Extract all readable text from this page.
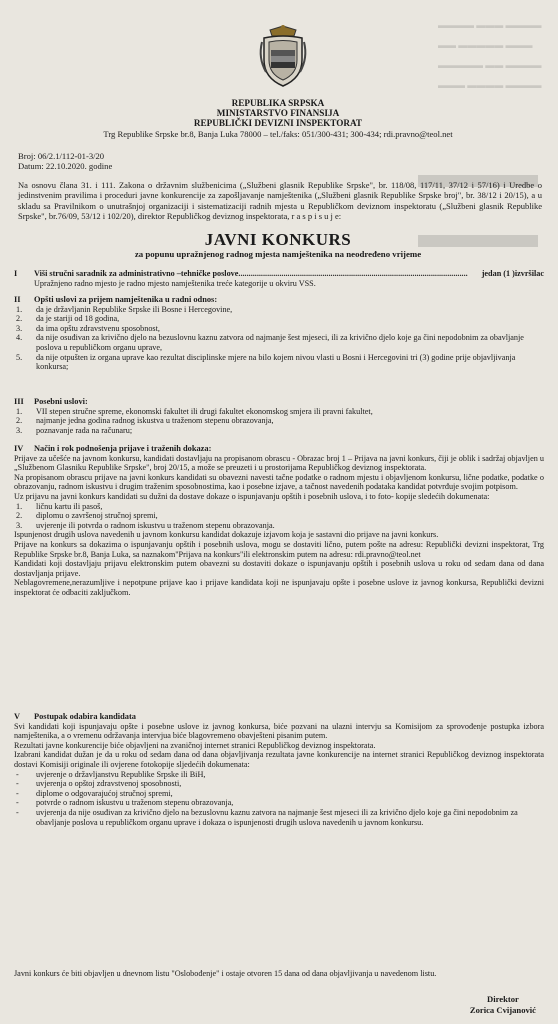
▬▬▬▬ ▬▬▬ ▬▬▬▬
▬▬ ▬▬▬▬▬ ▬▬▬
▬▬▬▬▬ ▬▬ ▬▬▬▬
▬▬▬ ▬▬▬▬ ▬▬▬▬
▬▬▬
▬▬▬
REPUBLIKA SRPSKA
MINISTARSTVO FINANSIJA
REPUBLIČKI DEVIZNI INSPEKTORAT
Trg Republike Srpske br.8, Banja Luka 78000 – tel./faks: 051/300-431; 300-434; rdi.pravno@teol.net
Broj: 06/2.1/112-01-3/20
Datum: 22.10.2020. godine
Na osnovu člana 31. i 111. Zakona o državnim službenicima („Službeni glasnik Republike Srpske", br. 118/08, 117/11, 37/12 i 57/16) i Uredbe o jedinstvenim pravilima i proceduri javne konkurencije za zapošljavanje namještenika („Službeni glasnik Republike Srpske broj", br. 38/12 i 20/15), a u skladu sa Pravilnikom o unutrašnjoj organizaciji i sistematizaciji radnih mjesta u Republičkom deviznom inspektoratu („Službeni glasnik Republike Srpske", br.76/09, 53/12 i 102/20), direktor Republičkog deviznog inspektorata, r a s p i s u j e:
JAVNI KONKURS
za popunu upražnjenog radnog mjesta namještenika na neodređeno vrijeme
I	Viši stručni saradnik za administrativno –tehničke poslove ................................................................................................................	jedan (1 )izvršilac

Upražnjeno radno mjesto je radno mjesto namještenika treće kategorije u okviru VSS.

II	Opšti uslovi za prijem namještenika u radni odnos:
1.	da je državljanin Republike Srpske ili Bosne i Hercegovine,
2.	da je stariji od 18 godina,
3.	da ima opštu zdravstvenu sposobnost,
4.	da nije osuđivan za krivično djelo na bezuslovnu kaznu zatvora od najmanje šest mjeseci, ili za krivično djelo koje ga čini nepodobnim za obavljanje poslova u republičkom organu uprave,
5.	da nije otpušten iz organa uprave kao rezultat disciplinske mjere na bilo kojem nivou vlasti u Bosni i Hercegovini tri (3) godine prije objavljivanja konkursa;
III	Posebni uslovi:
1.	VII stepen stručne spreme, ekonomski fakultet ili drugi fakultet ekonomskog smjera ili pravni fakultet,
2.	najmanje jedna godina radnog iskustva u traženom stepenu obrazovanja,
3.	poznavanje rada na računaru;
IV	Način i rok podnošenja prijave i traženih dokaza:

Prijave za učešće na javnom konkursu, kandidati dostavljaju na propisanom obrascu - Obrazac broj 1 – Prijava na javni konkurs, čiji je oblik i sadržaj objavljen u „Službenom Glasniku Republike Srpske", broj 20/15, a može se preuzeti i u prostorijama Republičkog deviznog inspektorata.

Na propisanom obrascu prijave na javni konkurs kandidati su obavezni navesti tačne podatke o radnom mjestu i objavljenom konkursu, lične podatke, podatke o obrazovanju, radnom iskustvu i drugim traženim sposobnostima, kao i posebne izjave, a tačnost navedenih podataka kandidat potvrđuje svojim potpisom.

Uz prijavu na javni konkurs kandidati su dužni da dostave dokaze o ispunjavanju opštih i posebnih uslova, i to foto- kopije sledećih dokumenata:

1.	ličnu kartu ili pasoš,
2.	diplomu o završenoj stručnoj spremi,
3.	uvjerenje ili potvrda o radnom iskustvu u traženom stepenu obrazovanja.

Ispunjenost drugih uslova navedenih u javnom konkursu kandidat dokazuje izjavom koja je sastavni dio prijave na javni konkurs.

Prijave na konkurs sa dokazima o ispunjavanju opštih i posebnih uslova, mogu se dostaviti lično, putem pošte na adresu: Republički devizni inspektorat, Trg Republike Srpske br.8, Banja Luka, sa naznakom"Prijava na konkurs"ili elektronskim putem na adresu: rdi.pravno@teol.net

Kandidati koji dostavljaju prijavu elektronskim putem obavezni su dostaviti dokaze o ispunjavanju opštih i posebnih uslova u roku od sedam dana od dana dostavljanja prijave.

Neblagovremene,nerazumljive i nepotpune prijave kao i prijave kandidata koji ne ispunjavaju opšte i posebne uslove iz javnog konkursa, Republički devizni inspektorat će odbaciti zaključkom.

V	Postupak odabira kandidata

Svi kandidati koji ispunjavaju opšte i posebne uslove iz javnog konkursa, biće pozvani na ulazni intervju sa Komisijom za sprovođenje postupka izbora namještenika, a o vremenu održavanja intervjua biće blagovremeno obavješteni pisanim putem.

Rezultati javne konkurencije biće objavljeni na zvaničnoj internet stranici Republičkog deviznog inspektorata.

Izabrani kandidat dužan je da u roku od sedam dana od dana objavljivanja rezultata javne konkurencije na internet stranici Republičkog deviznog inspektorata dostavi Komisiji originale ili ovjerene fotokopije sljedećih dokumenata:

-	uvjerenje o državljanstvu Republike Srpske ili BiH,
-	uvjerenja o opštoj zdravstvenoj sposobnosti,
-	diplome o odgovarajućoj stručnoj spremi,
-	potvrde o radnom iskustvu u traženom stepenu obrazovanja,
-	uvjerenja da nije osuđivan za krivično djelo na bezuslovnu kaznu zatvora na najmanje šest mjeseci ili za krivično djelo koje ga čini nepodobnim za obavljanje poslova u republičkom organu uprave i dokaza o ispunjenosti drugih uslova navedenih u javnom konkursu.

Javni konkurs će biti objavljen u dnevnom listu "Oslobođenje" i ostaje otvoren 15 dana od dana objavljivanja u navedenom listu.

Direktor
Zorica Cvijanović
